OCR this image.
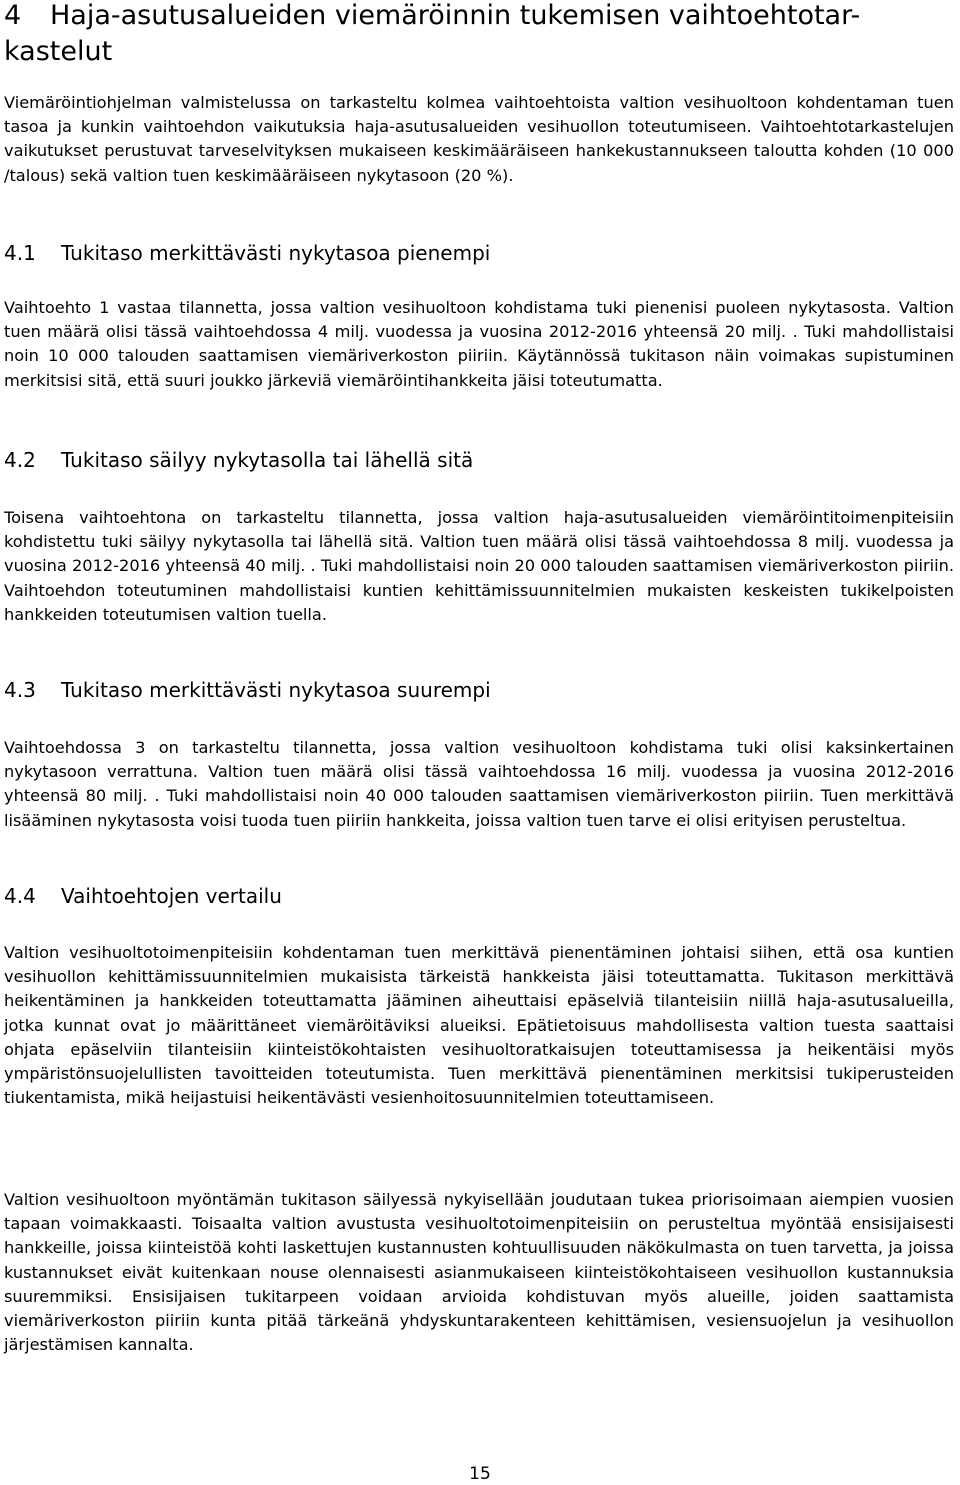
4 Haja-asutusalueiden viemäröinnin tukemisen vaihtoehtotar-kastelut

Viemäröintiohjelman valmistelussa on tarkasteltu kolmea vaihtoehtoista valtion vesihuoltoon kohdentaman tuen tasoa ja kunkin vaihtoehdon vaikutuksia haja-asutusalueiden vesihuollon toteutumiseen. Vaihtoehtotarkastelujen vaikutukset perustuvat tarveselvityksen mukaiseen keskimääräiseen hankekustannukseen taloutta kohden (10 000 /talous) sekä valtion tuen keskimääräiseen nykytasoon (20 %).

4.1 Tukitaso merkittävästi nykytasoa pienempi

Vaihtoehto 1 vastaa tilannetta, jossa valtion vesihuoltoon kohdistama tuki pienenisi puoleen nykytasosta. Valtion tuen määrä olisi tässä vaihtoehdossa 4 milj. vuodessa ja vuosina 2012-2016 yhteensä 20 milj. . Tuki mahdollistaisi noin 10 000 talouden saattamisen viemäriverkoston piiriin. Käytännössä tukitason näin voimakas supistuminen merkitsisi sitä, että suuri joukko järkeviä viemäröintihankkeita jäisi toteutumatta.

4.2 Tukitaso säilyy nykytasolla tai lähellä sitä

Toisena vaihtoehtona on tarkasteltu tilannetta, jossa valtion haja-asutusalueiden viemäröintitoimenpiteisiin kohdistettu tuki säilyy nykytasolla tai lähellä sitä. Valtion tuen määrä olisi tässä vaihtoehdossa 8 milj. vuodessa ja vuosina 2012-2016 yhteensä 40 milj. . Tuki mahdollistaisi noin 20 000 talouden saattamisen viemäriverkoston piiriin. Vaihtoehdon toteutuminen mahdollistaisi kuntien kehittämissuunnitelmien mukaisten keskeisten tukikelpoisten hankkeiden toteutumisen valtion tuella.

4.3 Tukitaso merkittävästi nykytasoa suurempi

Vaihtoehdossa 3 on tarkasteltu tilannetta, jossa valtion vesihuoltoon kohdistama tuki olisi kaksinkertainen nykytasoon verrattuna. Valtion tuen määrä olisi tässä vaihtoehdossa 16 milj. vuodessa ja vuosina 2012-2016 yhteensä 80 milj. . Tuki mahdollistaisi noin 40 000 talouden saattamisen viemäriverkoston piiriin. Tuen merkittävä lisääminen nykytasosta voisi tuoda tuen piiriin hankkeita, joissa valtion tuen tarve ei olisi erityisen perusteltua.

4.4 Vaihtoehtojen vertailu

Valtion vesihuoltotoimenpiteisiin kohdentaman tuen merkittävä pienentäminen johtaisi siihen, että osa kuntien vesihuollon kehittämissuunnitelmien mukaisista tärkeistä hankkeista jäisi toteuttamatta. Tukitason merkittävä heikentäminen ja hankkeiden toteuttamatta jääminen aiheuttaisi epäselviä tilanteisiin niillä haja-asutusalueilla, jotka kunnat ovat jo määrittäneet viemäröitäviksi alueiksi. Epätietoisuus mahdollisesta valtion tuesta saattaisi ohjata epäselviin tilanteisiin kiinteistökohtaisten vesihuoltoratkaisujen toteuttamisessa ja heikentäisi myös ympäristönsuojelullisten tavoitteiden toteutumista. Tuen merkittävä pienentäminen merkitsisi tukiperusteiden tiukentamista, mikä heijastuisi heikentävästi vesienhoitosuunnitelmien toteuttamiseen.

Valtion vesihuoltoon myöntämän tukitason säilyessä nykyisellään joudutaan tukea priorisoimaan aiempien vuosien tapaan voimakkaasti. Toisaalta valtion avustusta vesihuoltotoimenpiteisiin on perusteltua myöntää ensisijaisesti hankkeille, joissa kiinteistöä kohti laskettujen kustannusten kohtuullisuuden näkökulmasta on tuen tarvetta, ja joissa kustannukset eivät kuitenkaan nouse olennaisesti asianmukaiseen kiinteistökohtaiseen vesihuollon kustannuksia suuremmiksi. Ensisijaisen tukitarpeen voidaan arvioida kohdistuvan myös alueille, joiden saattamista viemäriverkoston piiriin kunta pitää tärkeänä yhdyskuntarakenteen kehittämisen, vesiensuojelun ja vesihuollon järjestämisen kannalta.

15
